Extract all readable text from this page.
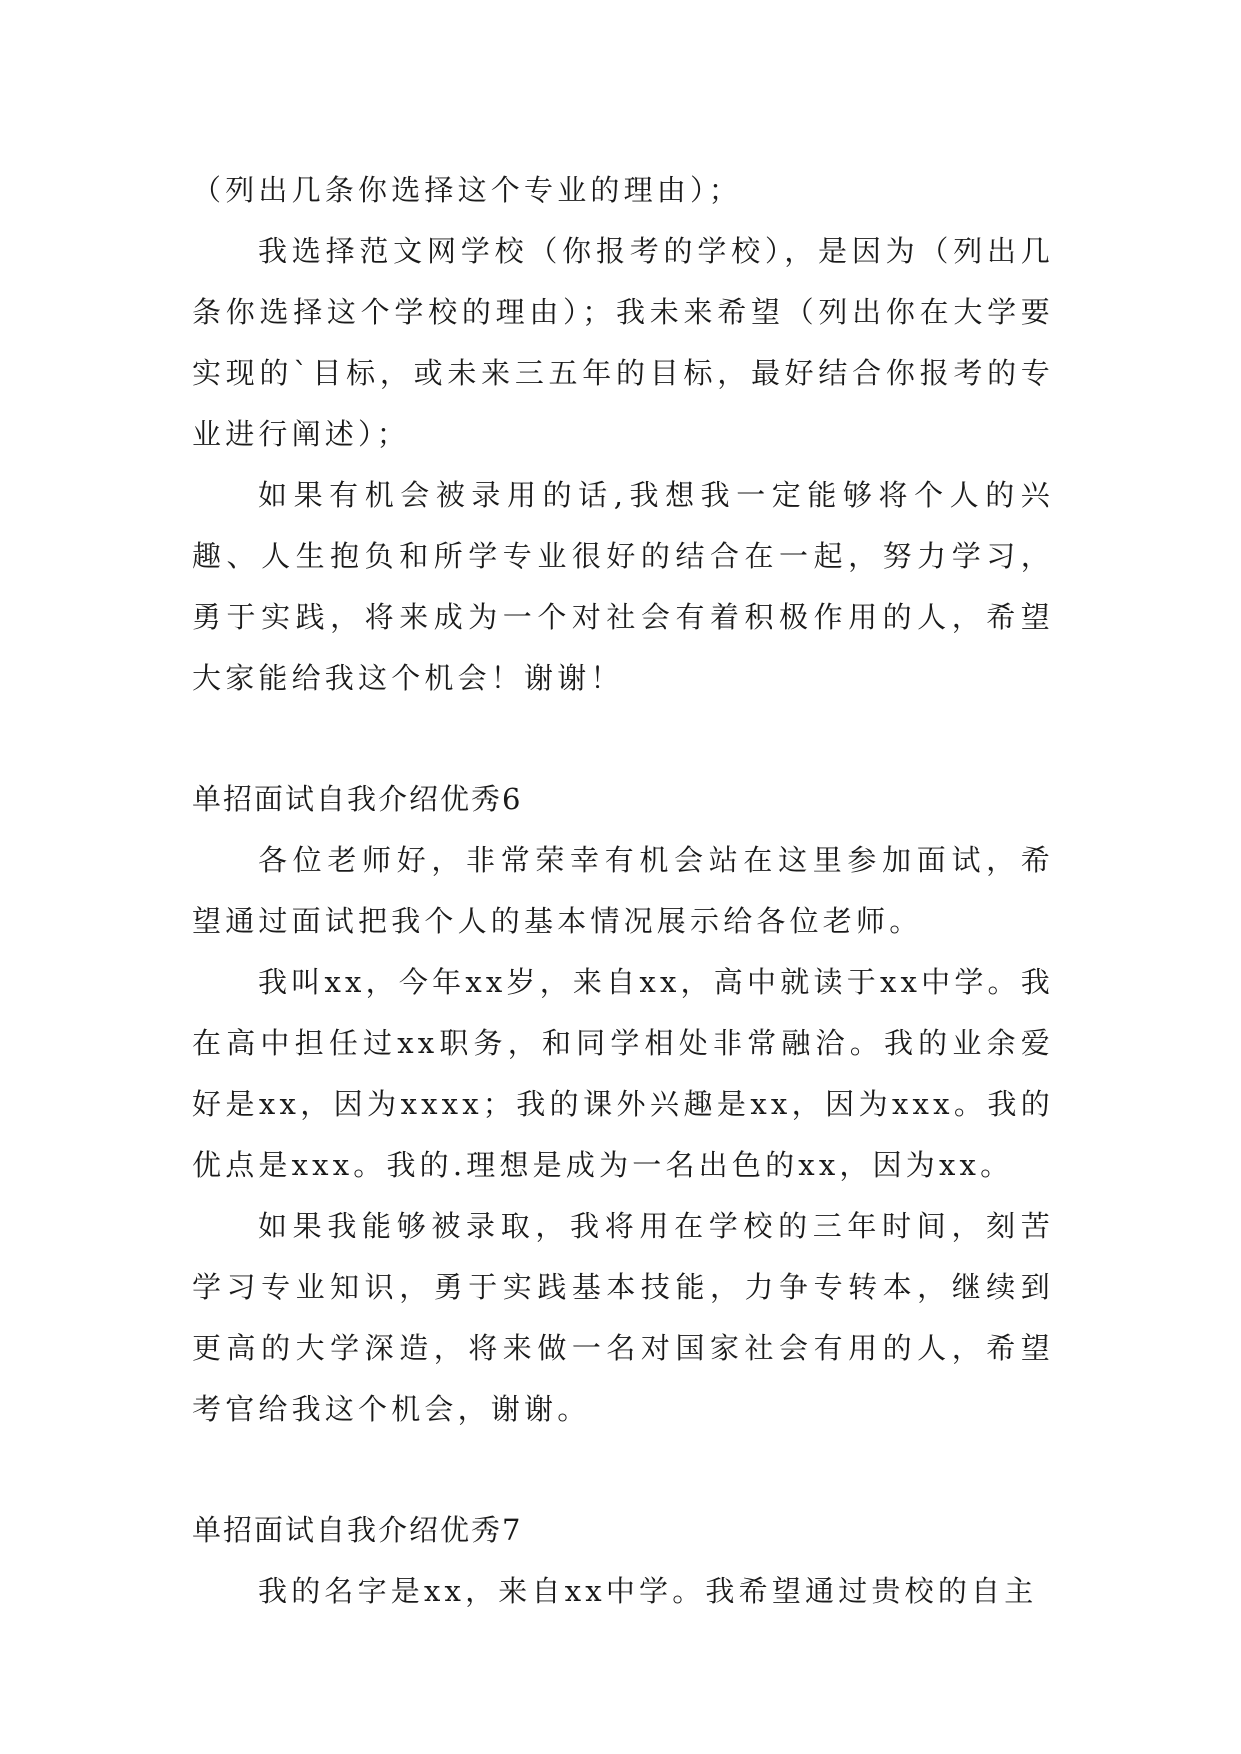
（列出几条你选择这个专业的理由）；

我选择范文网学校（你报考的学校），是因为（列出几条你选择这个学校的理由）；我未来希望（列出你在大学要实现的`目标，或未来三五年的目标，最好结合你报考的专业进行阐述）；

如果有机会被录用的话,我想我一定能够将个人的兴趣、人生抱负和所学专业很好的结合在一起，努力学习，勇于实践，将来成为一个对社会有着积极作用的人，希望大家能给我这个机会！谢谢！

单招面试自我介绍优秀6

各位老师好，非常荣幸有机会站在这里参加面试，希望通过面试把我个人的基本情况展示给各位老师。

我叫xx，今年xx岁，来自xx，高中就读于xx中学。我在高中担任过xx职务，和同学相处非常融洽。我的业余爱好是xx，因为xxxx；我的课外兴趣是xx，因为xxx。我的优点是xxx。我的.理想是成为一名出色的xx，因为xx。

如果我能够被录取，我将用在学校的三年时间，刻苦学习专业知识，勇于实践基本技能，力争专转本，继续到更高的大学深造，将来做一名对国家社会有用的人，希望考官给我这个机会，谢谢。

单招面试自我介绍优秀7

我的名字是xx，来自xx中学。我希望通过贵校的自主
